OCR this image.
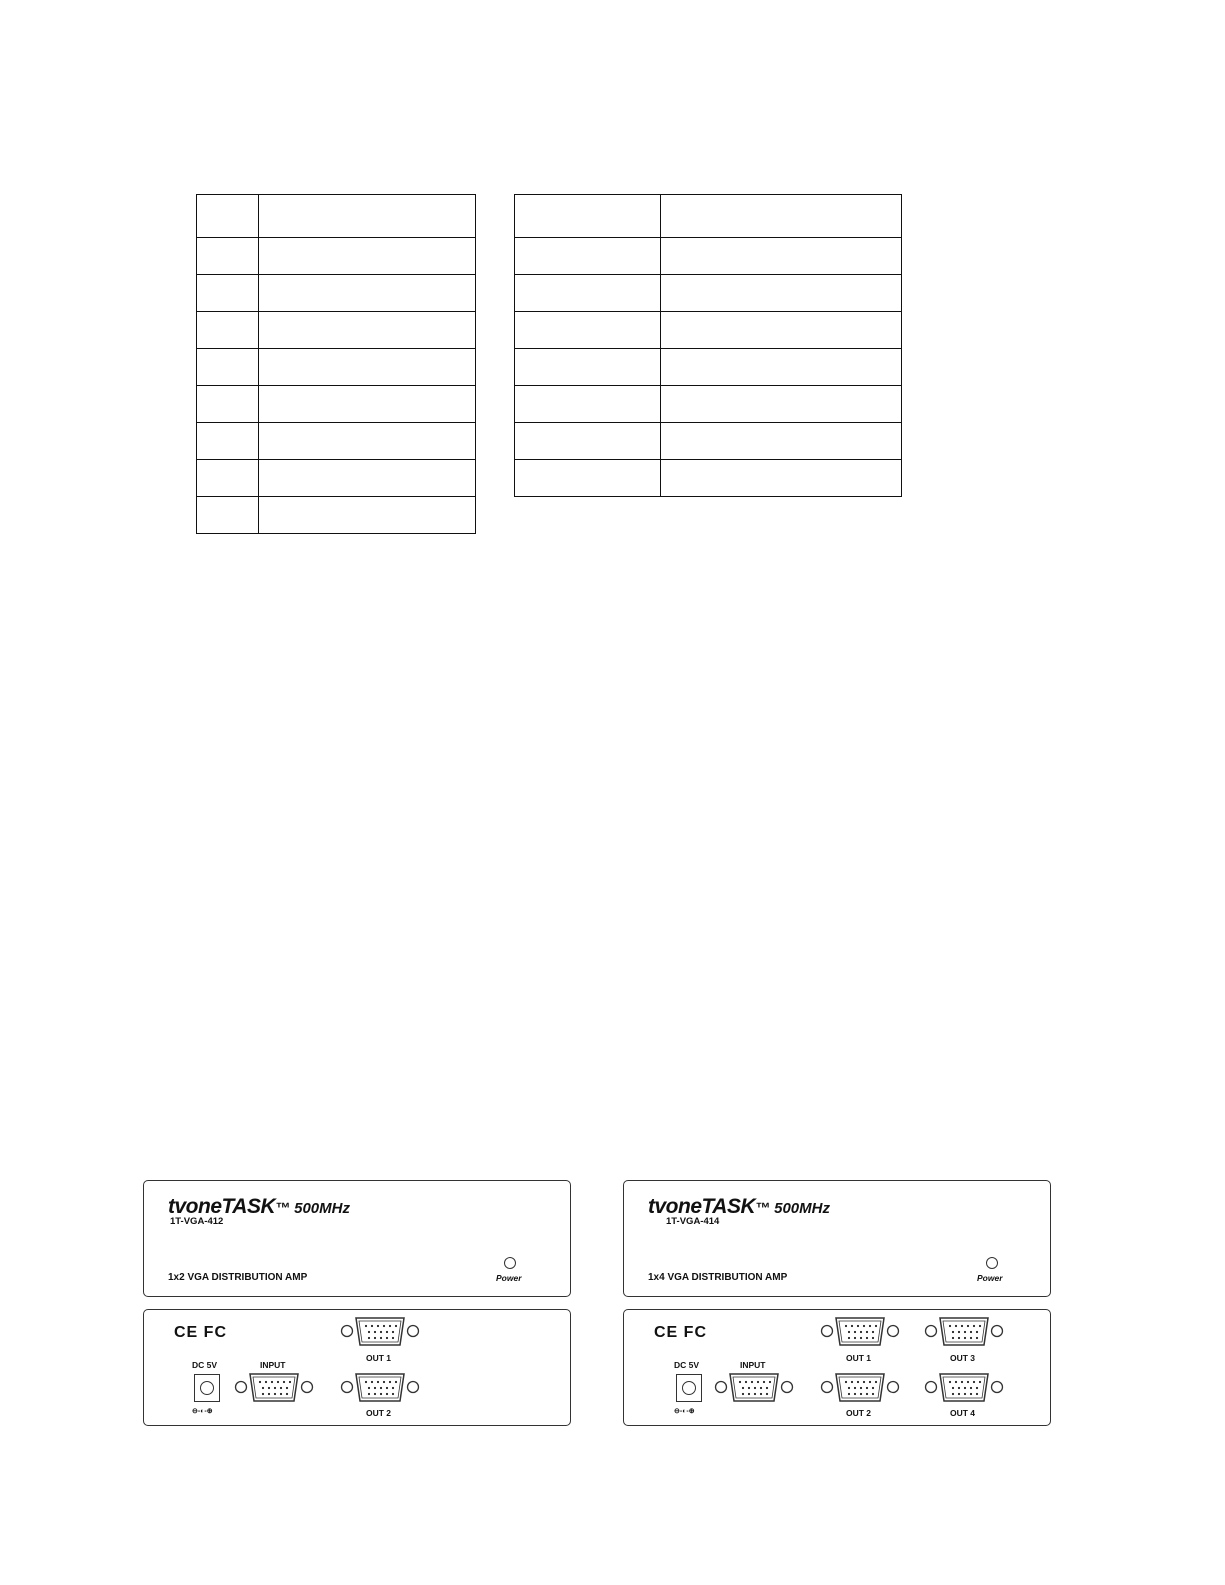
tvoneTASK™ 500MHz
1T-VGA-412
1x2 VGA DISTRIBUTION AMP	Power
CE FC
DC 5V
⊖-◐-⊕
INPUT
OUT 1
OUT 2
tvoneTASK™ 500MHz
1T-VGA-414
1x4 VGA DISTRIBUTION AMP	Power
CE FC
DC 5V
⊖-◐-⊕
INPUT
OUT 1
OUT 2
OUT 3
OUT 4
